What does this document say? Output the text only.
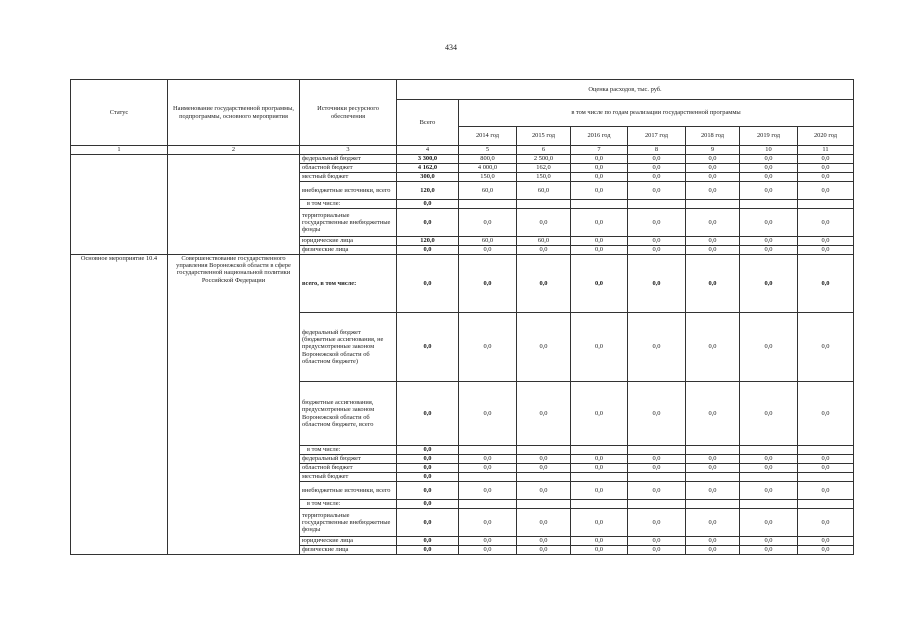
434
Статус	Наименование государственной программы, подпрограммы, основного мероприятия	Источники ресурсного обеспечения	Оценка расходов, тыс. руб.							
			Всего	в том числе по годам реализации государственной программы						
				2014 год	2015 год	2016 год	2017 год	2018 год	2019 год	2020 год
1	2	3	4	5	6	7	8	9	10	11
		федеральный бюджет	3 300,0	800,0	2 500,0	0,0	0,0	0,0	0,0	0,0
		областной бюджет	4 162,0	4 000,0	162,0	0,0	0,0	0,0	0,0	0,0
		местный бюджет	300,0	150,0	150,0	0,0	0,0	0,0	0,0	0,0
		внебюджетные источники, всего	120,0	60,0	60,0	0,0	0,0	0,0	0,0	0,0
		в том числе:	0,0							
		территориальные государственные внебюджетные фонды	0,0	0,0	0,0	0,0	0,0	0,0	0,0	0,0
		юридические лица	120,0	60,0	60,0	0,0	0,0	0,0	0,0	0,0
		физические лица	0,0	0,0	0,0	0,0	0,0	0,0	0,0	0,0
Основное мероприятие 10.4	Совершенствование государственного управления Воронежской области в сфере государственной национальной политики Российской Федерации	всего, в том числе:	0,0	0,0	0,0	0,0	0,0	0,0	0,0	0,0
		федеральный бюджет (бюджетные ассигнования, не предусмотренные законом Воронежской области об областном бюджете)	0,0	0,0	0,0	0,0	0,0	0,0	0,0	0,0
		бюджетные ассигнования, предусмотренные законом Воронежской области об областном бюджете, всего	0,0	0,0	0,0	0,0	0,0	0,0	0,0	0,0
		в том числе:	0,0							
		федеральный бюджет	0,0	0,0	0,0	0,0	0,0	0,0	0,0	0,0
		областной бюджет	0,0	0,0	0,0	0,0	0,0	0,0	0,0	0,0
		местный бюджет	0,0							
		внебюджетные источники, всего	0,0	0,0	0,0	0,0	0,0	0,0	0,0	0,0
		в том числе:	0,0							
		территориальные государственные внебюджетные фонды	0,0	0,0	0,0	0,0	0,0	0,0	0,0	0,0
		юридические лица	0,0	0,0	0,0	0,0	0,0	0,0	0,0	0,0
		физические лица	0,0	0,0	0,0	0,0	0,0	0,0	0,0	0,0
